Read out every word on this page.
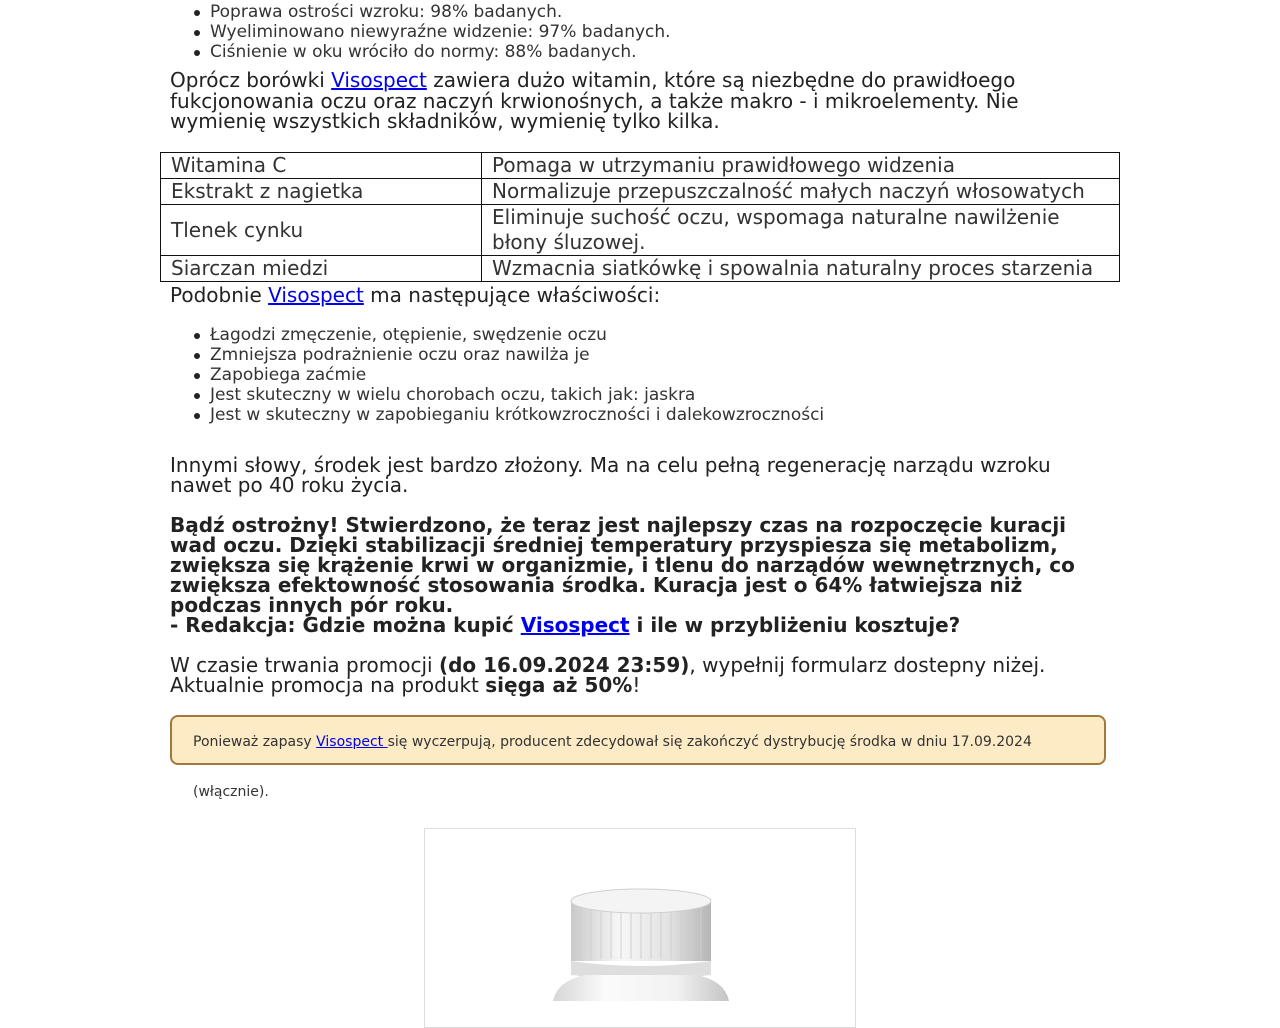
Poprawa ostrości wzroku: 98% badanych.
Wyeliminowano niewyraźne widzenie: 97% badanych.
Ciśnienie w oku wróciło do normy: 88% badanych.

Oprócz borówki Visospect zawiera dużo witamin, które są niezbędne do prawidłoego fukcjonowania oczu oraz naczyń krwionośnych, a także makro - i mikroelementy. Nie wymienię wszystkich składników, wymienię tylko kilka.

Witamina C	Pomaga w utrzymaniu prawidłowego widzenia
Ekstrakt z nagietka	Normalizuje przepuszczalność małych naczyń włosowatych
Tlenek cynku	Eliminuje suchość oczu, wspomaga naturalne nawilżenie błony śluzowej.
Siarczan miedzi	Wzmacnia siatkówkę i spowalnia naturalny proces starzenia

Podobnie Visospect ma następujące właściwości:

Łagodzi zmęczenie, otępienie, swędzenie oczu
Zmniejsza podrażnienie oczu oraz nawilża je
Zapobiega zaćmie
Jest skuteczny w wielu chorobach oczu, takich jak: jaskra
Jest w skuteczny w zapobieganiu krótkowzroczności i dalekowzroczności

Innymi słowy, środek jest bardzo złożony. Ma na celu pełną regenerację narządu wzroku nawet po 40 roku życia.

Bądź ostrożny! Stwierdzono, że teraz jest najlepszy czas na rozpoczęcie kuracji wad oczu. Dzięki stabilizacji średniej temperatury przyspiesza się metabolizm, zwiększa się krążenie krwi w organizmie, i tlenu do narządów wewnętrznych, co zwiększa efektowność stosowania środka. Kuracja jest o 64% łatwiejsza niż podczas innych pór roku.

- Redakcja: Gdzie można kupić Visospect i ile w przybliżeniu kosztuje?

W czasie trwania promocji (do 16.09.2024 23:59), wypełnij formularz dostepny niżej. Aktualnie promocja na produkt sięga aż 50%!

Ponieważ zapasy Visospect się wyczerpują, producent zdecydował się zakończyć dystrybucję środka w dniu 17.09.2024 (włącznie).
